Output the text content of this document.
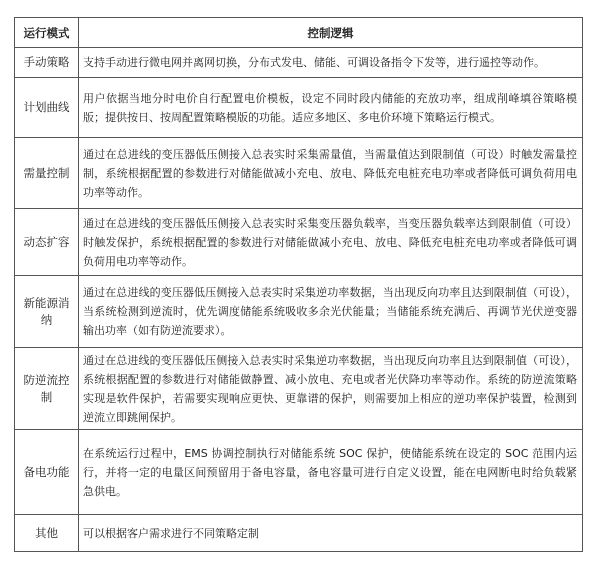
运行模式	控制逻辑
手动策略	支持手动进行微电网并离网切换，分布式发电、储能、可调设备指令下发等，进行遥控等动作。
计划曲线	用户依据当地分时电价自行配置电价模板，设定不同时段内储能的充放功率，组成削峰填谷策略模版；提供按日、按周配置策略模版的功能。适应多地区、多电价环境下策略运行模式。
需量控制	通过在总进线的变压器低压侧接入总表实时采集需量值，当需量值达到限制值（可设）时触发需量控制，系统根据配置的参数进行对储能做减小充电、放电、降低充电桩充电功率或者降低可调负荷用电功率等动作。
动态扩容	通过在总进线的变压器低压侧接入总表实时采集变压器负载率，当变压器负载率达到限制值（可设）时触发保护，系统根据配置的参数进行对储能做减小充电、放电、降低充电桩充电功率或者降低可调负荷用电功率等动作。
新能源消纳	通过在总进线的变压器低压侧接入总表实时采集逆功率数据，当出现反向功率且达到限制值（可设），当系统检测到逆流时，优先调度储能系统吸收多余光伏能量；当储能系统充满后、再调节光伏逆变器输出功率（如有防逆流要求）。
防逆流控制	通过在总进线的变压器低压侧接入总表实时采集逆功率数据，当出现反向功率且达到限制值（可设），系统根据配置的参数进行对储能做静置、减小放电、充电或者光伏降功率等动作。系统的防逆流策略实现是软件保护，若需要实现响应更快、更靠谱的保护，则需要加上相应的逆功率保护装置，检测到逆流立即跳闸保护。
备电功能	在系统运行过程中，EMS 协调控制执行对储能系统 SOC 保护，使储能系统在设定的 SOC 范围内运行，并将一定的电量区间预留用于备电容量，备电容量可进行自定义设置，能在电网断电时给负载紧急供电。
其他	可以根据客户需求进行不同策略定制
